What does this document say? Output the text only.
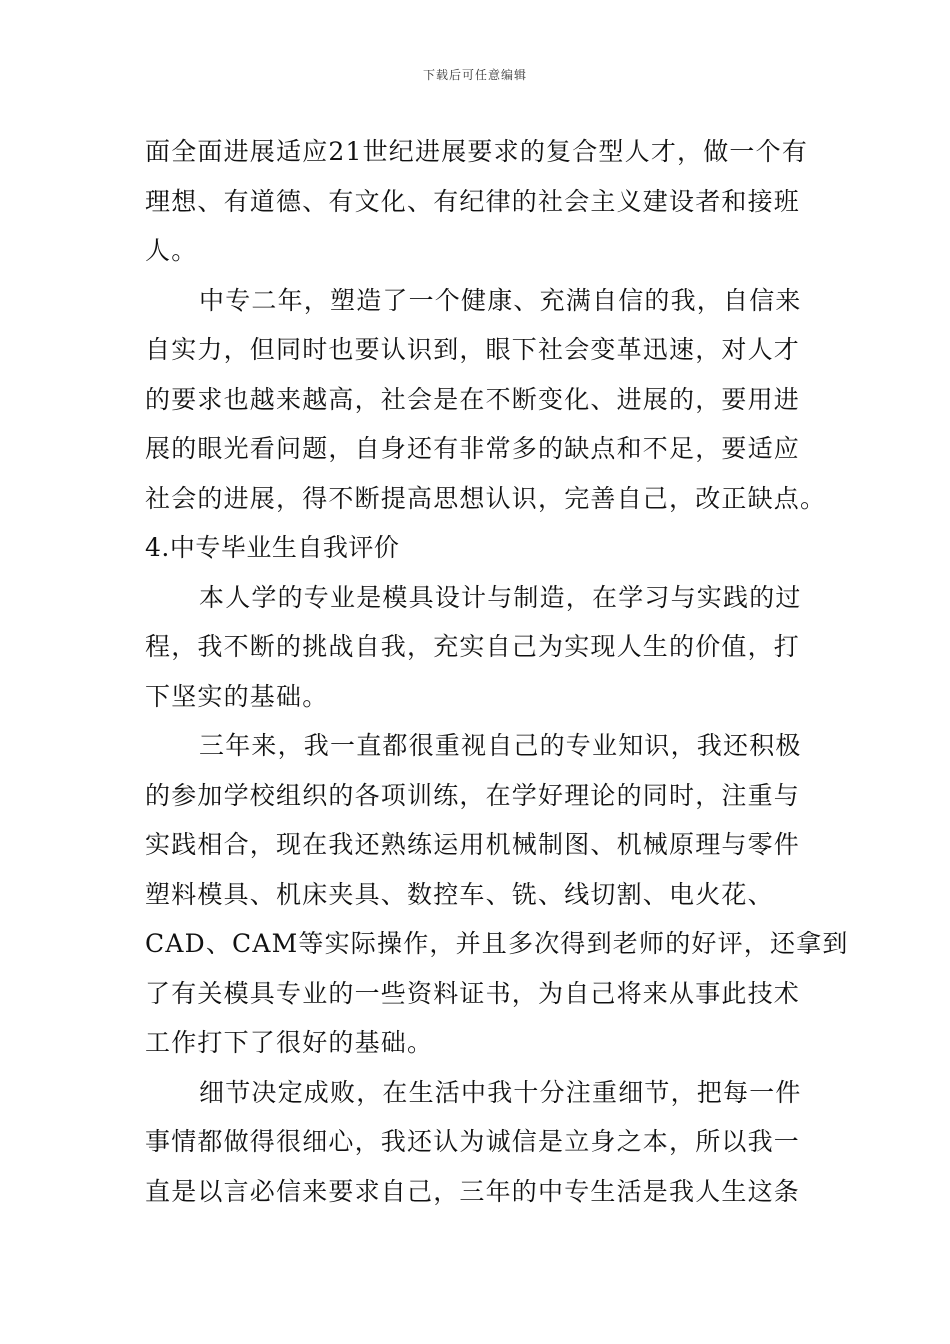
下载后可任意编辑
面全面进展适应21世纪进展要求的复合型人才，做一个有
理想、有道德、有文化、有纪律的社会主义建设者和接班
人。
中专二年，塑造了一个健康、充满自信的我，自信来
自实力，但同时也要认识到，眼下社会变革迅速，对人才
的要求也越来越高，社会是在不断变化、进展的，要用进
展的眼光看问题，自身还有非常多的缺点和不足，要适应
社会的进展，得不断提高思想认识，完善自己，改正缺点。
4.中专毕业生自我评价
本人学的专业是模具设计与制造，在学习与实践的过
程，我不断的挑战自我，充实自己为实现人生的价值，打
下坚实的基础。
三年来，我一直都很重视自己的专业知识，我还积极
的参加学校组织的各项训练，在学好理论的同时，注重与
实践相合，现在我还熟练运用机械制图、机械原理与零件
塑料模具、机床夹具、数控车、铣、线切割、电火花、
CAD、CAM等实际操作，并且多次得到老师的好评，还拿到
了有关模具专业的一些资料证书，为自己将来从事此技术
工作打下了很好的基础。
细节决定成败，在生活中我十分注重细节，把每一件
事情都做得很细心，我还认为诚信是立身之本，所以我一
直是以言必信来要求自己，三年的中专生活是我人生这条
